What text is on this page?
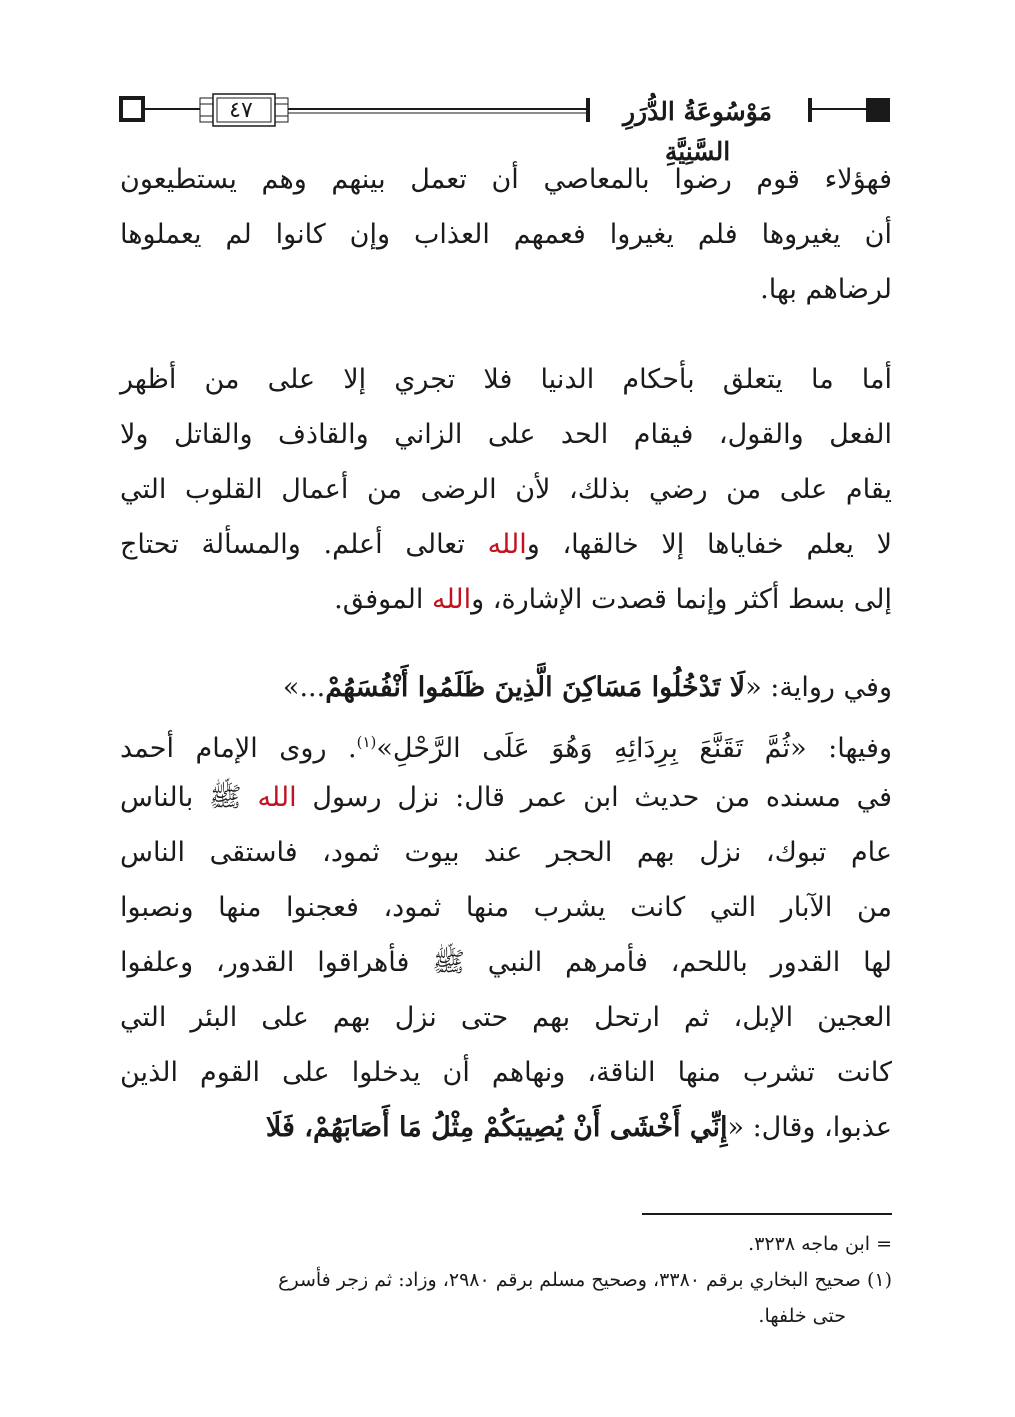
٤٧	مَوْسُوعَةُ الدُّرَرِ السَّنِيَّةِ
فهؤلاء قوم رضوا بالمعاصي أن تعمل بينهم وهم يستطيعون
أن يغيروها فلم يغيروا فعمهم العذاب وإن كانوا لم يعملوها
لرضاهم بها.
أما ما يتعلق بأحكام الدنيا فلا تجري إلا على من أظهر
الفعل والقول، فيقام الحد على الزاني والقاذف والقاتل ولا
يقام على من رضي بذلك، لأن الرضى من أعمال القلوب التي
لا يعلم خفاياها إلا خالقها، والله تعالى أعلم. والمسألة تحتاج
إلى بسط أكثر وإنما قصدت الإشارة، والله الموفق.
وفي رواية: «لَا تَدْخُلُوا مَسَاكِنَ الَّذِينَ ظَلَمُوا أَنْفُسَهُمْ...»
وفيها: «ثُمَّ تَقَنَّعَ بِرِدَائِهِ وَهُوَ عَلَى الرَّحْلِ»$^{(١)}$. روى الإمام أحمد
في مسنده من حديث ابن عمر قال: نزل رسول الله ﷺ بالناس
عام تبوك، نزل بهم الحجر عند بيوت ثمود، فاستقى الناس
من الآبار التي كانت يشرب منها ثمود، فعجنوا منها ونصبوا
لها القدور باللحم، فأمرهم النبي ﷺ فأهراقوا القدور، وعلفوا
العجين الإبل، ثم ارتحل بهم حتى نزل بهم على البئر التي
كانت تشرب منها الناقة، ونهاهم أن يدخلوا على القوم الذين
عذبوا، وقال: «إِنِّي أَخْشَى أَنْ يُصِيبَكُمْ مِثْلُ مَا أَصَابَهُمْ، فَلَا
= ابن ماجه ٣٢٣٨.
(١) صحيح البخاري برقم ٣٣٨٠، وصحيح مسلم برقم ٢٩٨٠، وزاد: ثم زجر فأسرع
حتى خلفها.
